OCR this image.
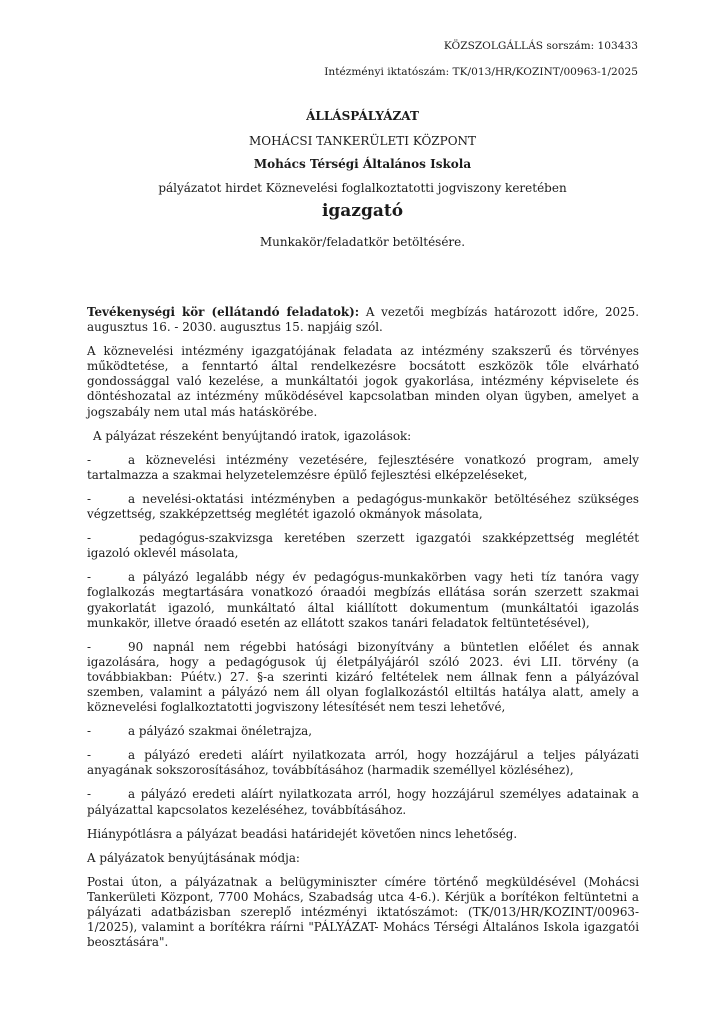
KÖZSZOLGÁLLÁS sorszám: 103433
Intézményi iktatószám: TK/013/HR/KOZINT/00963-1/2025
ÁLLÁSPÁLYÁZAT
MOHÁCSI TANKERÜLETI KÖZPONT
Mohács Térségi Általános Iskola
pályázatot hirdet Köznevelési foglalkoztatotti jogviszony keretében
igazgató
Munkakör/feladatkör betöltésére.

Tevékenységi kör (ellátandó feladatok): A vezetői megbízás határozott időre, 2025. augusztus 16. - 2030. augusztus 15. napjáig szól.

A köznevelési intézmény igazgatójának feladata az intézmény szakszerű és törvényes működtetése, a fenntartó által rendelkezésre bocsátott eszközök tőle elvárható gondossággal való kezelése, a munkáltatói jogok gyakorlása, intézmény képviselete és döntéshozatal az intézmény működésével kapcsolatban minden olyan ügyben, amelyet a jogszabály nem utal más hatáskörébe.

A pályázat részeként benyújtandó iratok, igazolások:

-	a köznevelési intézmény vezetésére, fejlesztésére vonatkozó program, amely tartalmazza a szakmai helyzetelemzésre épülő fejlesztési elképzeléseket,

-	a nevelési-oktatási intézményben a pedagógus-munkakör betöltéséhez szükséges végzettség, szakképzettség meglétét igazoló okmányok másolata,

-	pedagógus-szakvizsga keretében szerzett igazgatói szakképzettség meglétét igazoló oklevél másolata,

-	a pályázó legalább négy év pedagógus-munkakörben vagy heti tíz tanóra vagy foglalkozás megtartására vonatkozó óraadói megbízás ellátása során szerzett szakmai gyakorlatát igazoló, munkáltató által kiállított dokumentum (munkáltatói igazolás munkakör, illetve óraadó esetén az ellátott szakos tanári feladatok feltüntetésével),

-	90 napnál nem régebbi hatósági bizonyítvány a büntetlen előélet és annak igazolására, hogy a pedagógusok új életpályájáról szóló 2023. évi LII. törvény (a továbbiakban: Púétv.) 27. §-a szerinti kizáró feltételek nem állnak fenn a pályázóval szemben, valamint a pályázó nem áll olyan foglalkozástól eltiltás hatálya alatt, amely a köznevelési foglalkoztatotti jogviszony létesítését nem teszi lehetővé,

-	a pályázó szakmai önéletrajza,

-	a pályázó eredeti aláírt nyilatkozata arról, hogy hozzájárul a teljes pályázati anyagának sokszorosításához, továbbításához (harmadik személlyel közléséhez),

-	a pályázó eredeti aláírt nyilatkozata arról, hogy hozzájárul személyes adatainak a pályázattal kapcsolatos kezeléséhez, továbbításához.

Hiánypótlásra a pályázat beadási határidejét követően nincs lehetőség.

A pályázatok benyújtásának módja:

Postai úton, a pályázatnak a belügyminiszter címére történő megküldésével (Mohácsi Tankerületi Központ, 7700 Mohács, Szabadság utca 4-6.). Kérjük a borítékon feltüntetni a pályázati adatbázisban szereplő intézményi iktatószámot: (TK/013/HR/KOZINT/00963-1/2025), valamint a borítékra ráírni "PÁLYÁZAT- Mohács Térségi Általános Iskola igazgatói beosztására".
